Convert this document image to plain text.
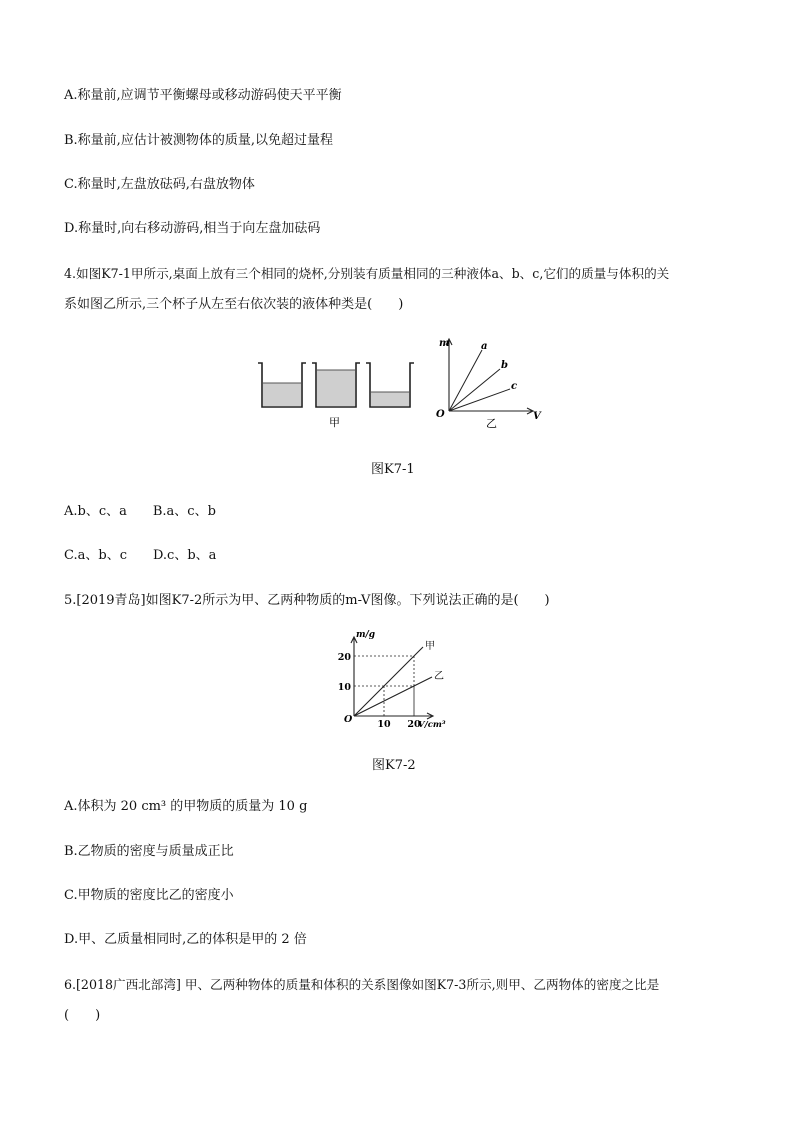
A.称量前,应调节平衡螺母或移动游码使天平平衡
B.称量前,应估计被测物体的质量,以免超过量程
C.称量时,左盘放砝码,右盘放物体
D.称量时,向右移动游码,相当于向左盘加砝码
4.如图K7-1甲所示,桌面上放有三个相同的烧杯,分别装有质量相同的三种液体a、b、c,它们的质量与体积的关
系如图乙所示,三个杯子从左至右依次装的液体种类是(　　)
甲
m
V
O
a
b
c
乙
图K7-1
A.b、c、a　　B.a、c、b
C.a、b、c　　D.c、b、a
5.[2019青岛]如图K7-2所示为甲、乙两种物质的m-V图像。下列说法正确的是(　　)
甲
乙
10
20
10 20
m/g
V/cm³
O
图K7-2
A.体积为 20 cm³ 的甲物质的质量为 10 g
B.乙物质的密度与质量成正比
C.甲物质的密度比乙的密度小
D.甲、乙质量相同时,乙的体积是甲的 2 倍
6.[2018广西北部湾] 甲、乙两种物体的质量和体积的关系图像如图K7-3所示,则甲、乙两物体的密度之比是
(　　)
